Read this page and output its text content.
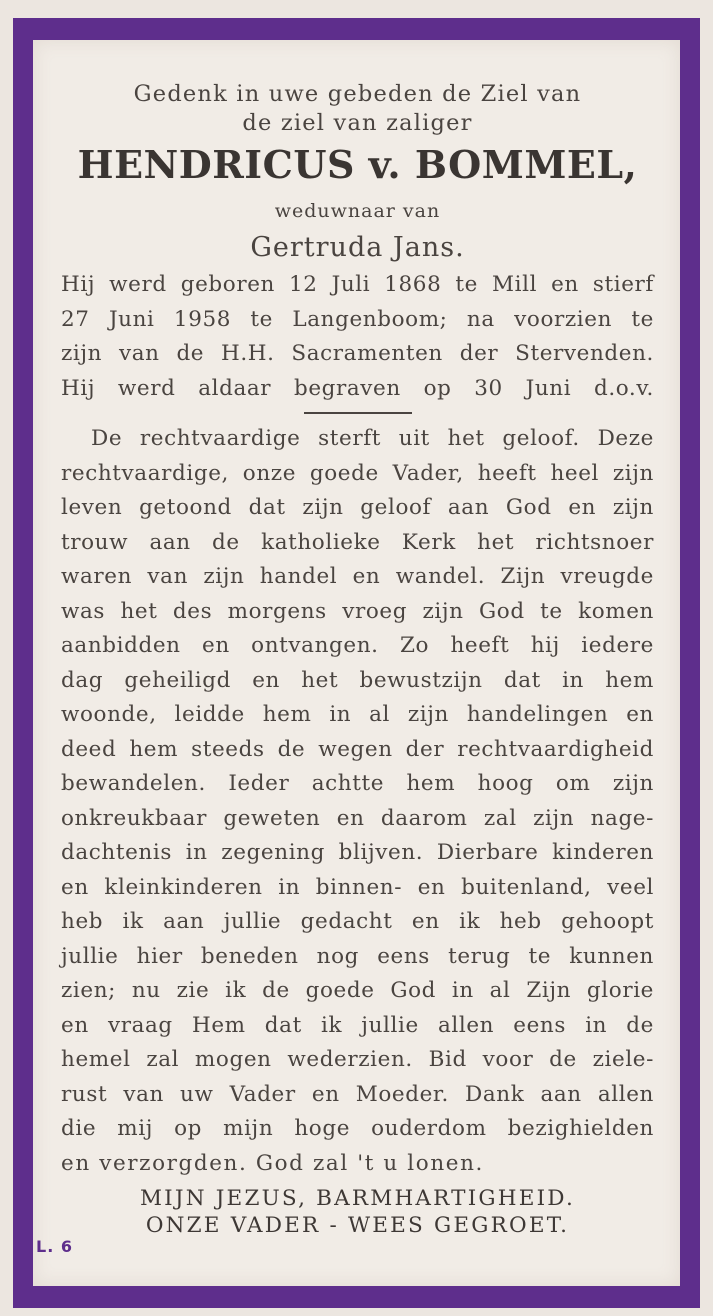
Gedenk in uwe gebeden de Ziel van
de ziel van zaliger
HENDRICUS v. BOMMEL,
weduwnaar van
Gertruda Jans.
Hij werd geboren 12 Juli 1868 te Mill en stierf
27 Juni 1958 te Langenboom; na voorzien te
zijn van de H.H. Sacramenten der Stervenden.
Hij werd aldaar begraven op 30 Juni d.o.v.
De rechtvaardige sterft uit het geloof. Deze
rechtvaardige, onze goede Vader, heeft heel zijn
leven getoond dat zijn geloof aan God en zijn
trouw aan de katholieke Kerk het richtsnoer
waren van zijn handel en wandel. Zijn vreugde
was het des morgens vroeg zijn God te komen
aanbidden en ontvangen. Zo heeft hij iedere
dag geheiligd en het bewustzijn dat in hem
woonde, leidde hem in al zijn handelingen en
deed hem steeds de wegen der rechtvaardigheid
bewandelen. Ieder achtte hem hoog om zijn
onkreukbaar geweten en daarom zal zijn nage-
dachtenis in zegening blijven. Dierbare kinderen
en kleinkinderen in binnen- en buitenland, veel
heb ik aan jullie gedacht en ik heb gehoopt
jullie hier beneden nog eens terug te kunnen
zien; nu zie ik de goede God in al Zijn glorie
en vraag Hem dat ik jullie allen eens in de
hemel zal mogen wederzien. Bid voor de ziele-
rust van uw Vader en Moeder. Dank aan allen
die mij op mijn hoge ouderdom bezighielden
en verzorgden. God zal 't u lonen.
MIJN JEZUS, BARMHARTIGHEID.
ONZE VADER - WEES GEGROET.
L. 6
